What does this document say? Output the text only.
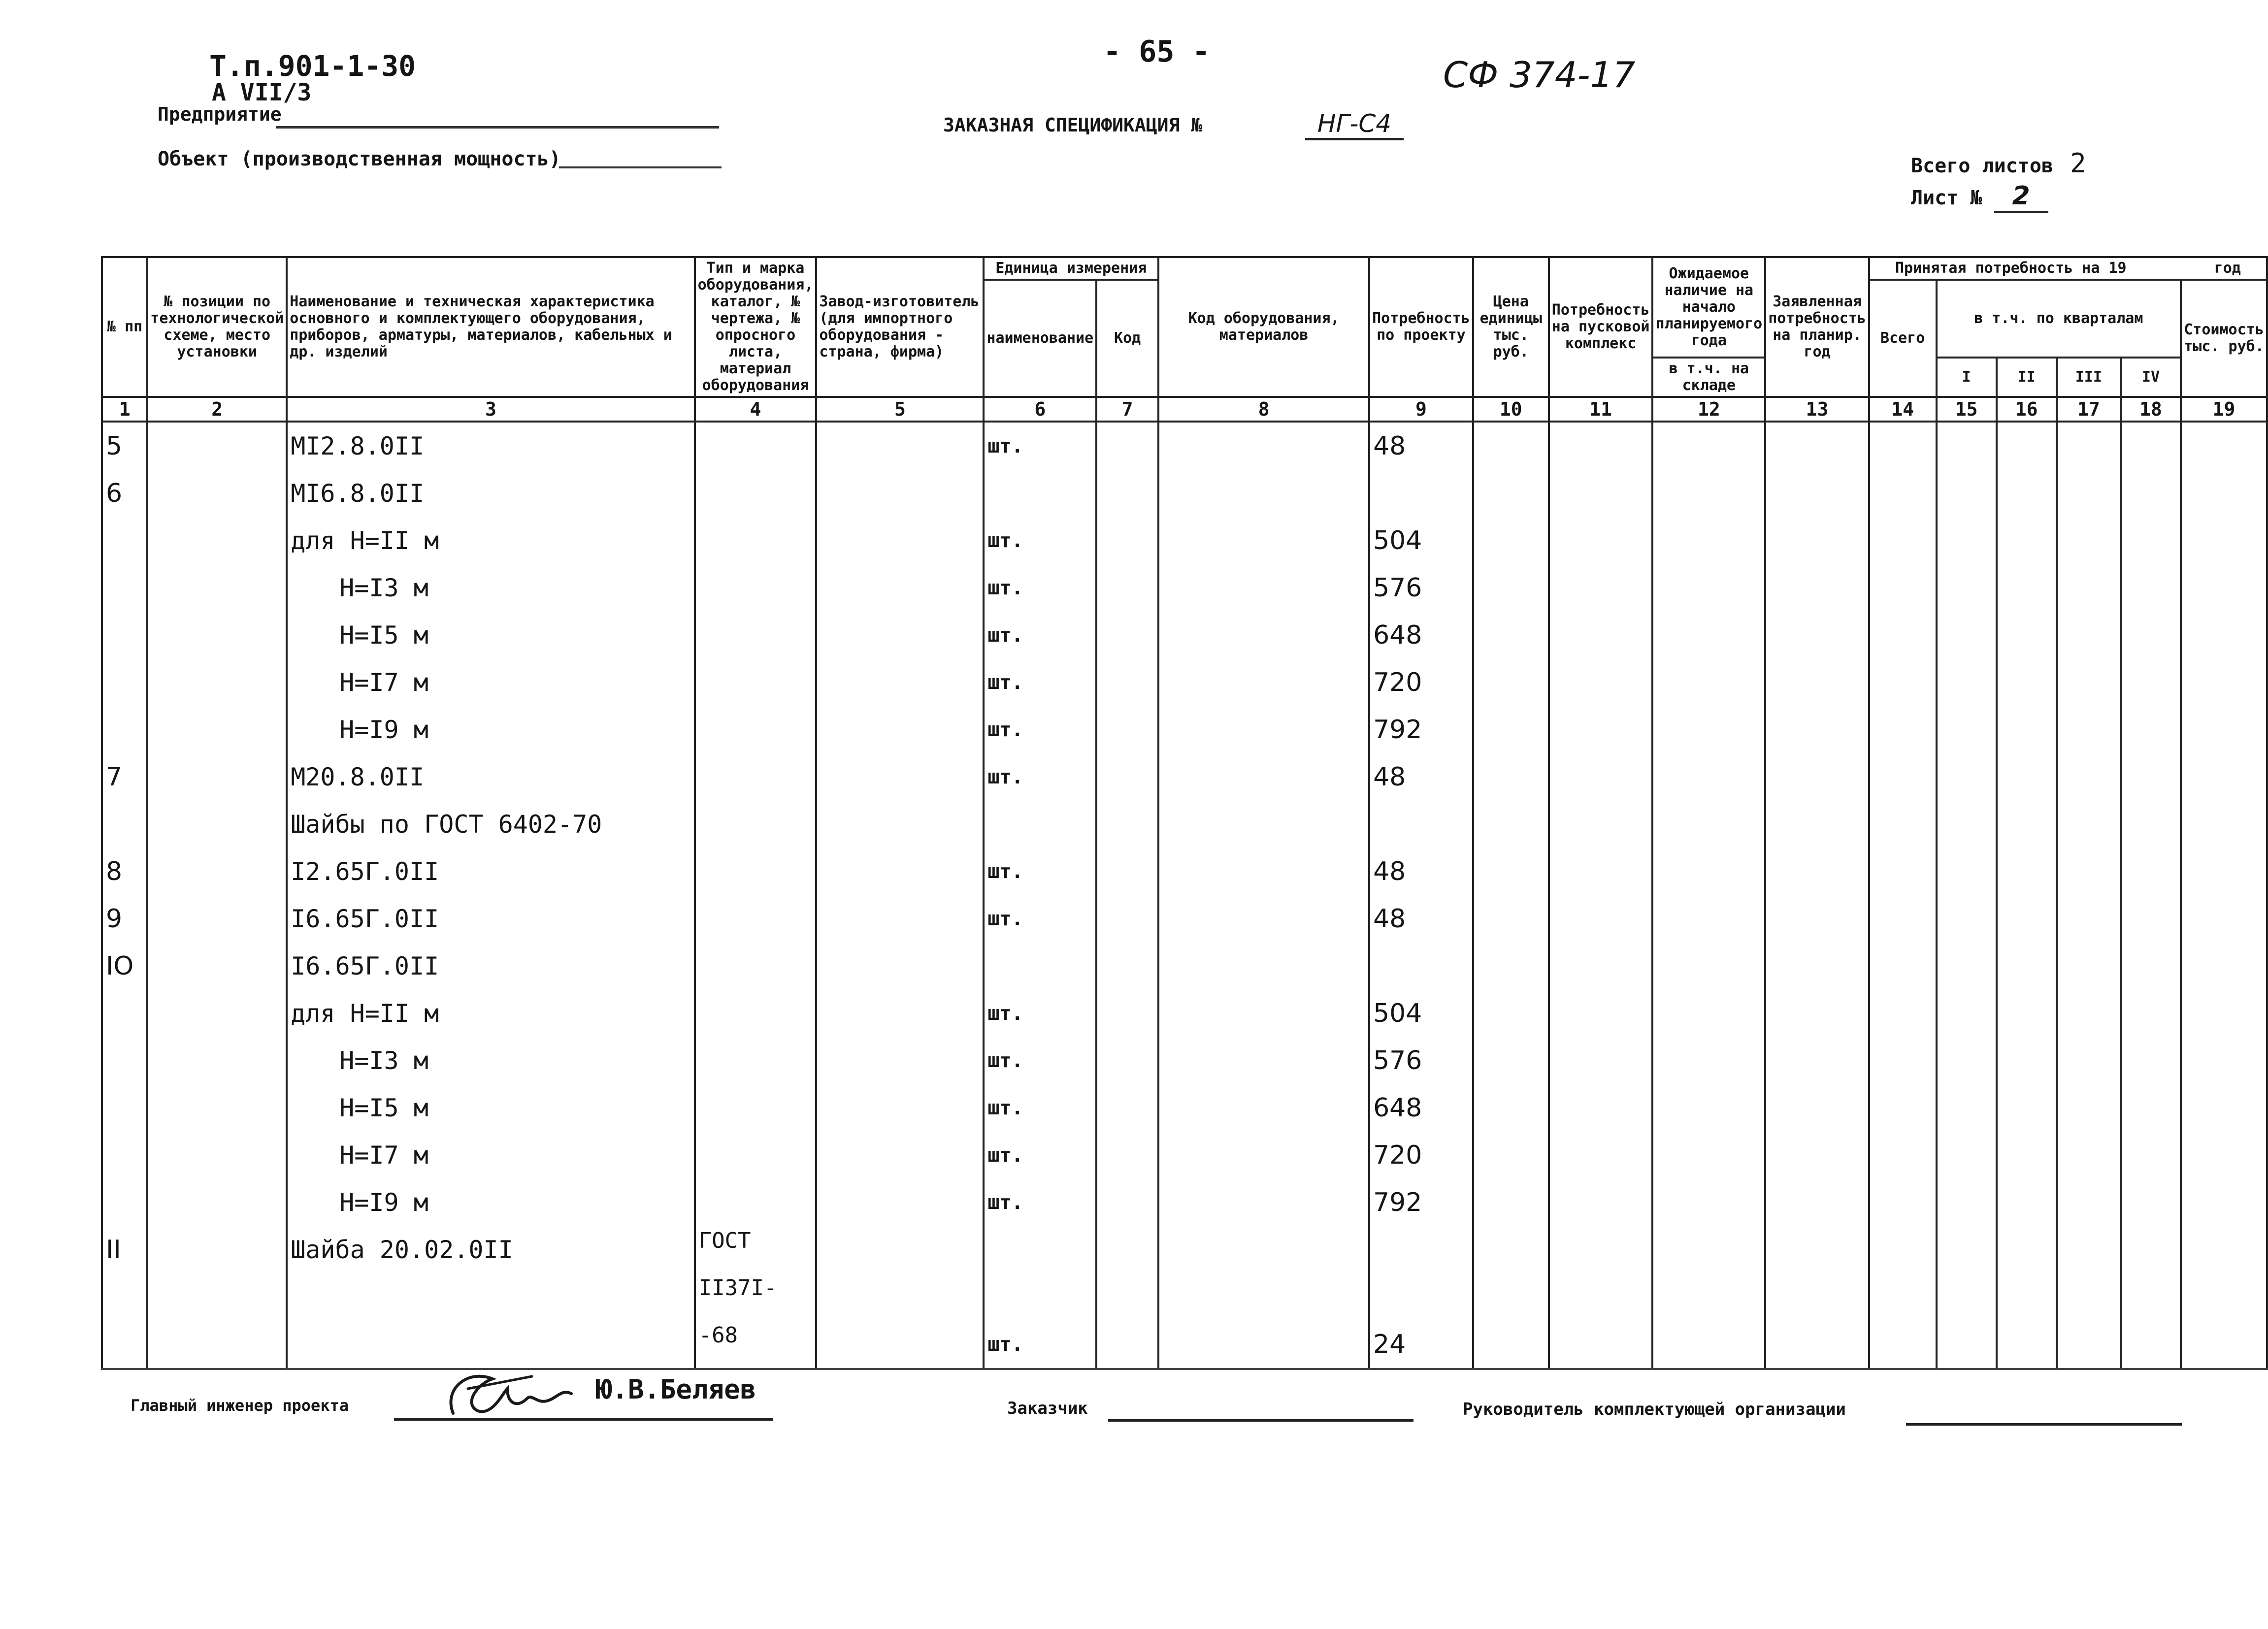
Т.п.901-1-30
А VII/3
Предприятие
Объект (производственная мощность)
- 65 -
СФ 374-17
ЗАКАЗНАЯ СПЕЦИФИКАЦИЯ №	НГ-С4
Всего листов 2
Лист № 2
№ пп	№ позиции по технологической схеме, место установки	Наименование и техническая характеристика основного и комплектующего оборудования, приборов, арматуры, материалов, кабельных и др. изделий	Тип и марка оборудования, каталог, № чертежа, № опросного листа, материал оборудования	Завод-изготовитель (для импортного оборудования - страна, фирма)	Единица измерения		Код оборудования, материалов	Потребность по проекту	Цена единицы тыс. руб.	Потребность на пусковой комплекс	Ожидаемое наличие на начало планируемого года	Заявленная потребность на планир. год	Принятая потребность на 19 год					
					наименование	Код							Всего	в т.ч. по кварталам				Стоимость тыс. руб.
											в т.ч. на складе			I	II	III	IV	
1	2	3	4	5	6	7	8	9	10	11	12	13	14	15	16	17	18	19
5		МI2.8.0II			шт.			48										
6		МI6.8.0II																
		для Н=II м			шт.			504										
		Н=I3 м			шт.			576										
		Н=I5 м			шт.			648										
		Н=I7 м			шт.			720										
		Н=I9 м			шт.			792										
7		М20.8.0II			шт.			48										
		Шайбы по ГОСТ 6402-70																
8		I2.65Г.0II			шт.			48										
9		I6.65Г.0II			шт.			48										
IO		I6.65Г.0II																
		для Н=II м			шт.			504										
		Н=I3 м			шт.			576										
		Н=I5 м			шт.			648										
		Н=I7 м			шт.			720										
		Н=I9 м			шт.			792										
II		Шайба 20.02.0II	ГОСТ															
			II37I-															
			-68		шт.			24										
Главный инженер проекта
Ю.В.Беляев
Заказчик	Руководитель комплектующей организации
